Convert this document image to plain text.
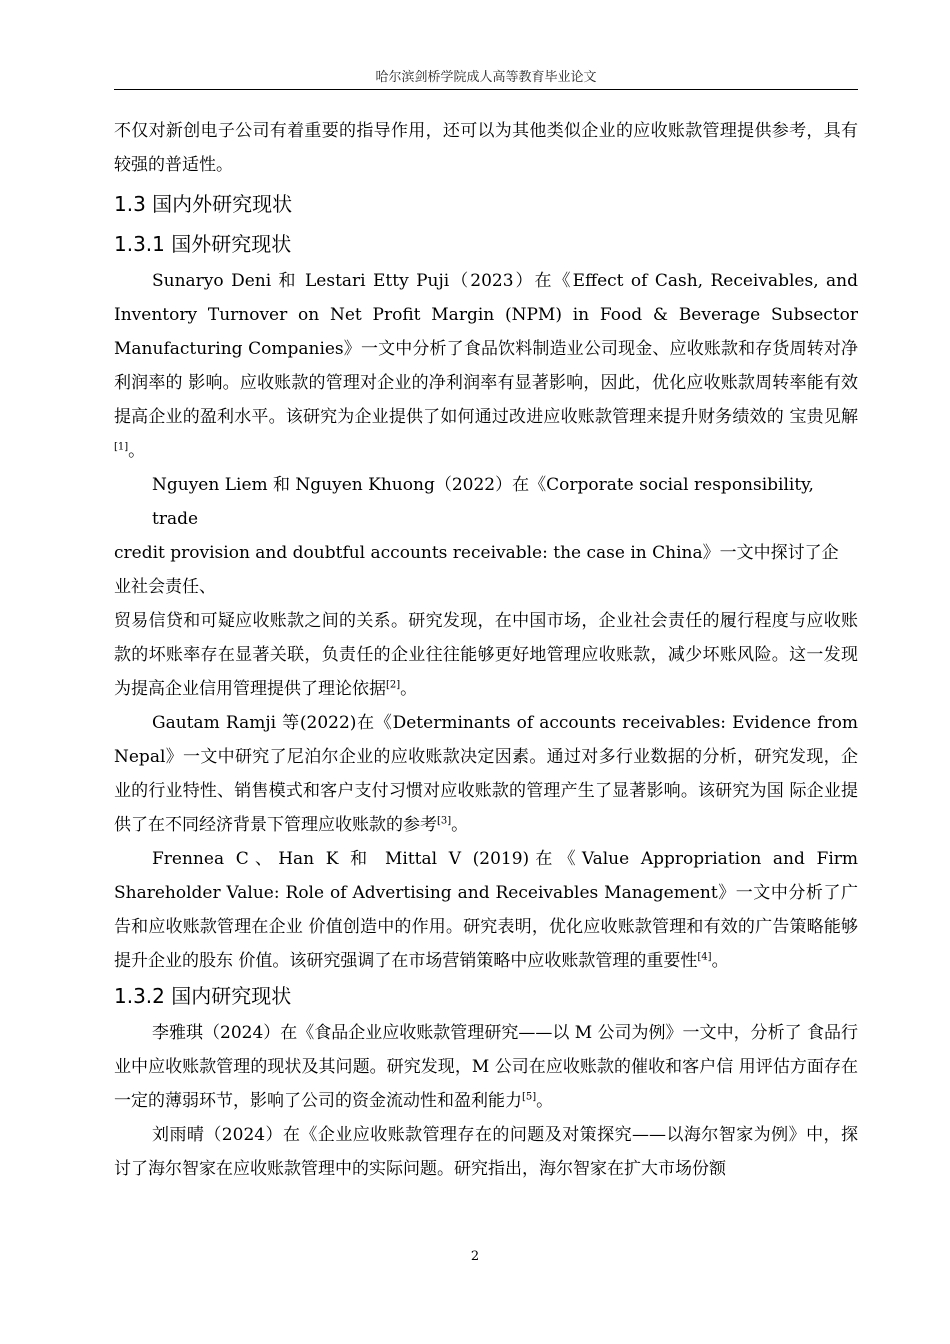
哈尔滨剑桥学院成人高等教育毕业论文

不仅对新创电子公司有着重要的指导作用，还可以为其他类似企业的应收账款管理提供参考，具有较强的普适性。

1.3 国内外研究现状
1.3.1 国外研究现状

Sunaryo Deni 和 Lestari Etty Puji（2023）在《Effect of Cash, Receivables, and Inventory Turnover on Net Profit Margin (NPM) in Food & Beverage Subsector Manufacturing Companies》一文中分析了食品饮料制造业公司现金、应收账款和存货周转对净利润率的 影响。应收账款的管理对企业的净利润率有显著影响，因此，优化应收账款周转率能有效 提高企业的盈利水平。该研究为企业提供了如何通过改进应收账款管理来提升财务绩效的 宝贵见解[1]。

Nguyen Liem 和 Nguyen Khuong（2022）在《Corporate social responsibility, trade

credit provision and doubtful accounts receivable: the case in China》一文中探讨了企业社会责任、

贸易信贷和可疑应收账款之间的关系。研究发现，在中国市场，企业社会责任的履行程度与应收账款的坏账率存在显著关联，负责任的企业往往能够更好地管理应收账款，减少坏账风险。这一发现为提高企业信用管理提供了理论依据[2]。

Gautam Ramji 等(2022)在《Determinants of accounts receivables: Evidence from Nepal》一文中研究了尼泊尔企业的应收账款决定因素。通过对多行业数据的分析，研究发现，企 业的行业特性、销售模式和客户支付习惯对应收账款的管理产生了显著影响。该研究为国 际企业提供了在不同经济背景下管理应收账款的参考[3]。

Frennea C、Han K 和 Mittal V (2019)在《Value Appropriation and Firm Shareholder Value: Role of Advertising and Receivables Management》一文中分析了广告和应收账款管理在企业 价值创造中的作用。研究表明，优化应收账款管理和有效的广告策略能够提升企业的股东 价值。该研究强调了在市场营销策略中应收账款管理的重要性[4]。

1.3.2 国内研究现状

李雅琪（2024）在《食品企业应收账款管理研究——以 M 公司为例》一文中，分析了 食品行业中应收账款管理的现状及其问题。研究发现，M 公司在应收账款的催收和客户信 用评估方面存在一定的薄弱环节，影响了公司的资金流动性和盈利能力[5]。

刘雨晴（2024）在《企业应收账款管理存在的问题及对策探究——以海尔智家为例》中，探讨了海尔智家在应收账款管理中的实际问题。研究指出，海尔智家在扩大市场份额

2
